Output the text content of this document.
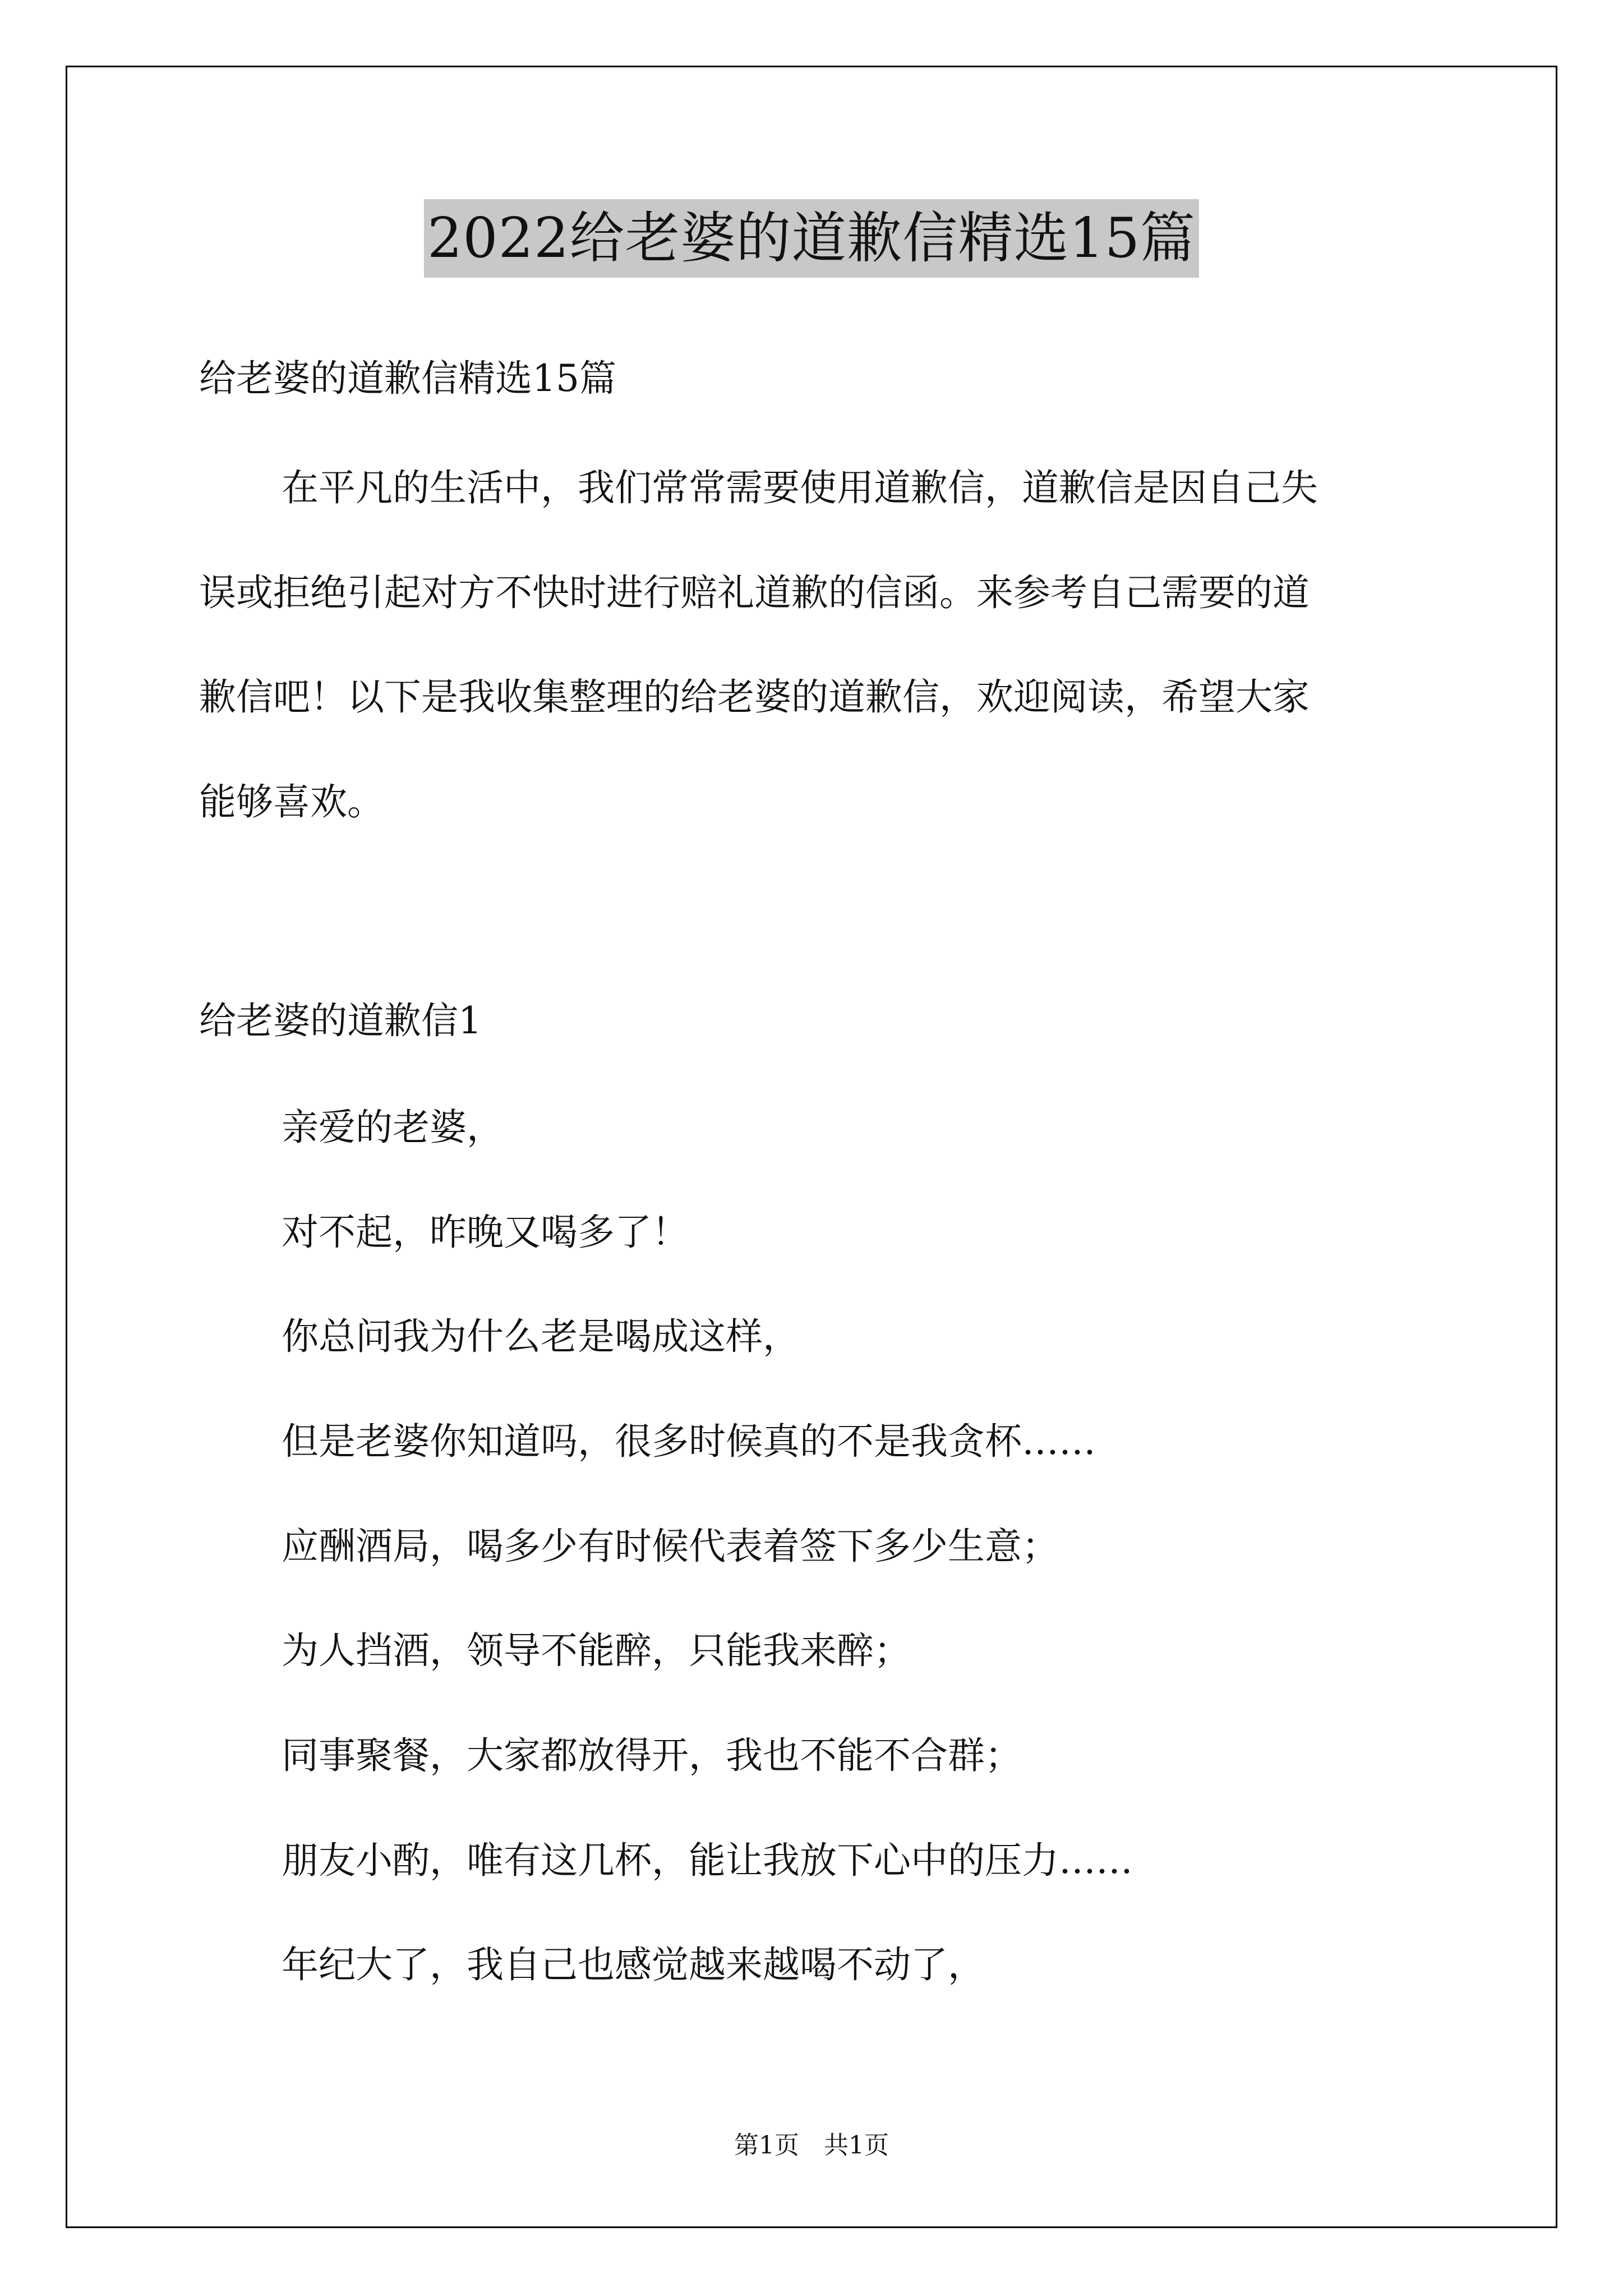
2022给老婆的道歉信精选15篇
给老婆的道歉信精选15篇
在平凡的生活中，我们常常需要使用道歉信，道歉信是因自己失
误或拒绝引起对方不快时进行赔礼道歉的信函。来参考自己需要的道
歉信吧！以下是我收集整理的给老婆的道歉信，欢迎阅读，希望大家
能够喜欢。
给老婆的道歉信1
亲爱的老婆，
对不起，昨晚又喝多了！
你总问我为什么老是喝成这样，
但是老婆你知道吗，很多时候真的不是我贪杯……
应酬酒局，喝多少有时候代表着签下多少生意；
为人挡酒，领导不能醉，只能我来醉；
同事聚餐，大家都放得开，我也不能不合群；
朋友小酌，唯有这几杯，能让我放下心中的压力……
年纪大了，我自己也感觉越来越喝不动了，
第1页　共1页
